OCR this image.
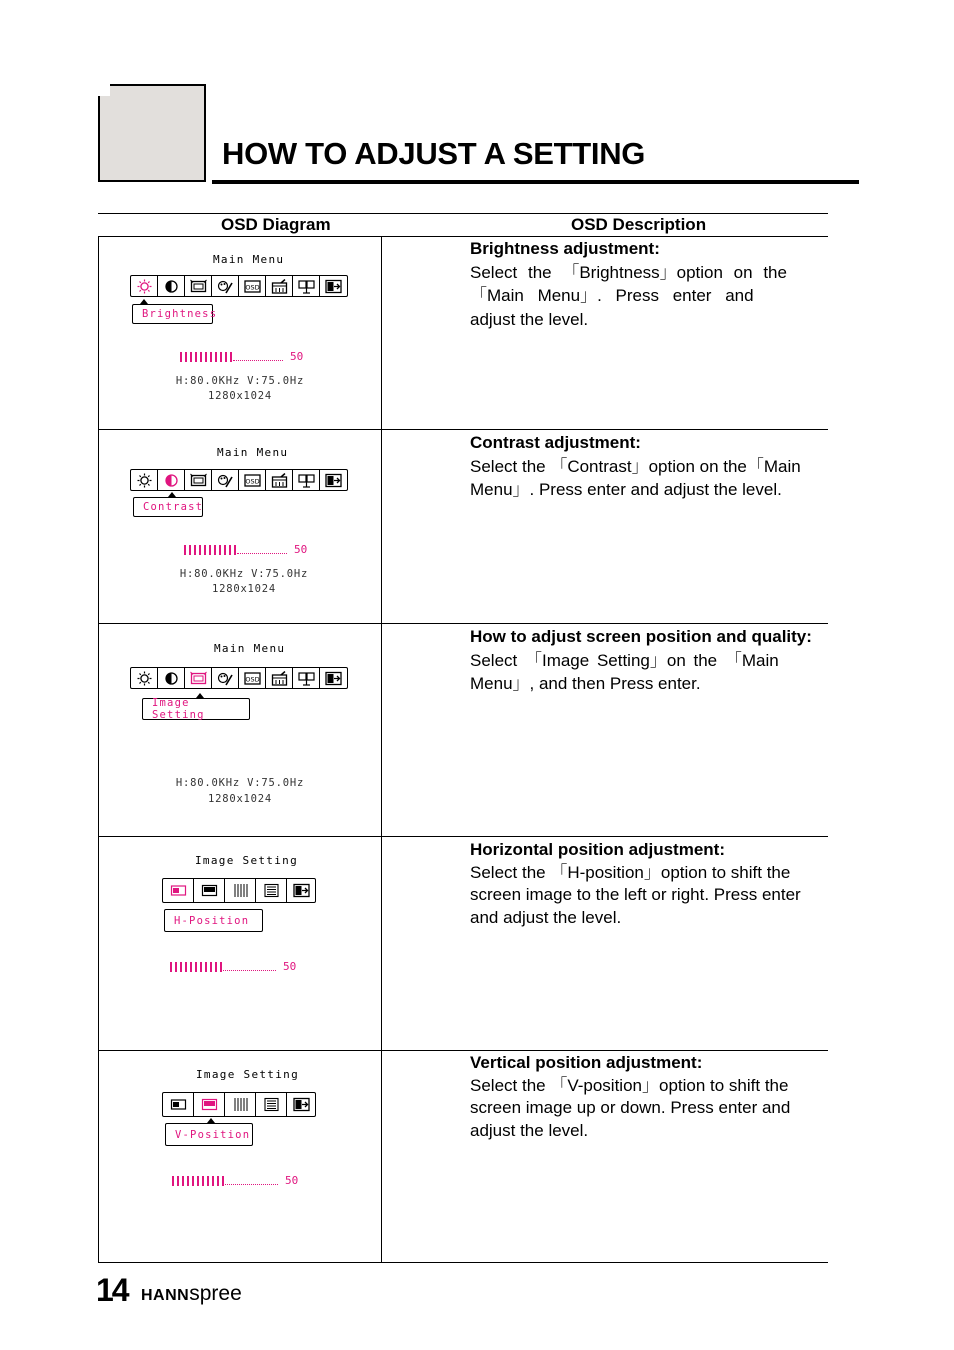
HOW TO ADJUST A SETTING
OSD Diagram	OSD Description
Main Menu
Brightness
50
H:80.0KHz V:75.0Hz
1280x1024
Brightness adjustment:
Select the 「Brightness」option on the
「Main Menu」. Press enter and
adjust the level.
Main Menu
Contrast
50
H:80.0KHz V:75.0Hz
1280x1024
Contrast adjustment:
Select the 「Contrast」option on the「Main
Menu」. Press enter and adjust the level.
Main Menu
Image Setting
H:80.0KHz V:75.0Hz
1280x1024
How to adjust screen position and quality:
Select 「Image Setting」on the 「Main
Menu」, and then Press enter.
Image Setting
H-Position
50
Horizontal position adjustment:
Select the 「H-position」option to shift the screen image to the left or right. Press enter and adjust the level.
Image Setting
V-Position
50
Vertical position adjustment:
Select the 「V-position」option to shift the screen image up or down. Press enter and adjust the level.
14 HANNspree
